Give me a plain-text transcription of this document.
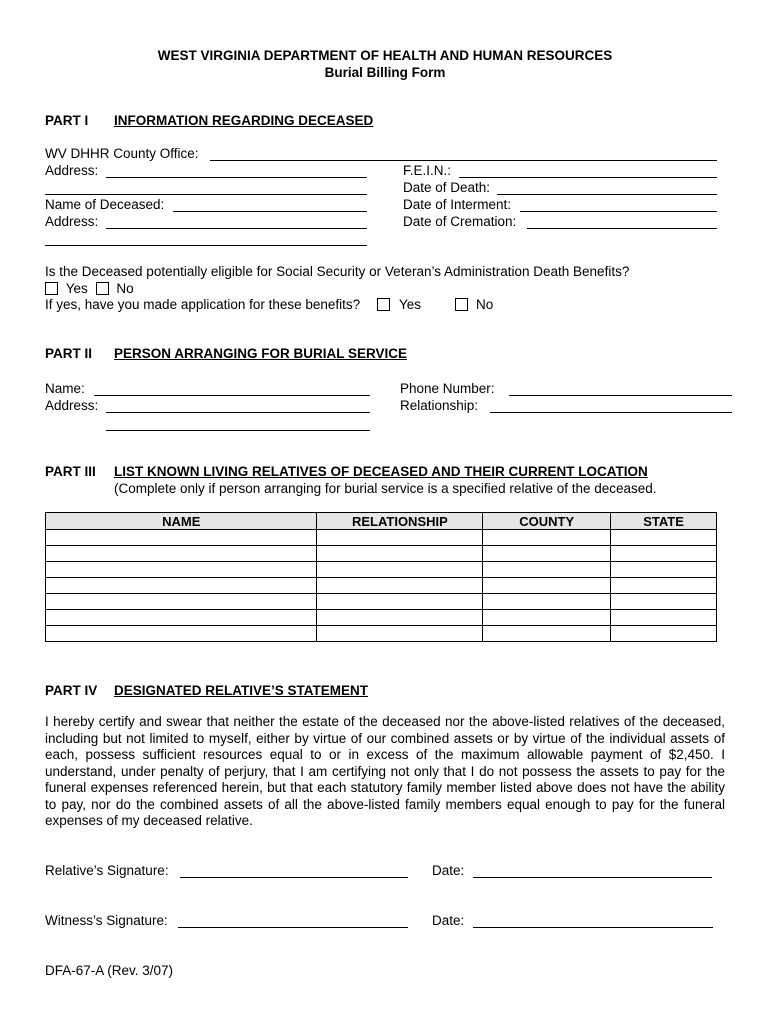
WEST VIRGINIA DEPARTMENT OF HEALTH AND HUMAN RESOURCES
Burial Billing Form
PART I INFORMATION REGARDING DECEASED
WV DHHR County Office:
Address:	F.E.I.N.:
Date of Death:
Name of Deceased:	Date of Interment:
Address:	Date of Cremation:
Is the Deceased potentially eligible for Social Security or Veteran’s Administration Death Benefits?
Yes No
If yes, have you made application for these benefits?	Yes	No
PART II PERSON ARRANGING FOR BURIAL SERVICE
Name:	Phone Number:
Address:	Relationship:
PART III LIST KNOWN LIVING RELATIVES OF DECEASED AND THEIR CURRENT LOCATION
(Complete only if person arranging for burial service is a specified relative of the deceased.
NAME	RELATIONSHIP	COUNTY	STATE

PART IV DESIGNATED RELATIVE’S STATEMENT
I hereby certify and swear that neither the estate of the deceased nor the above-listed relatives of the deceased, including but not limited to myself, either by virtue of our combined assets or by virtue of the individual assets of each, possess sufficient resources equal to or in excess of the maximum allowable payment of $2,450. I understand, under penalty of perjury, that I am certifying not only that I do not possess the assets to pay for the funeral expenses referenced herein, but that each statutory family member listed above does not have the ability to pay, nor do the combined assets of all the above-listed family members equal enough to pay for the funeral expenses of my deceased relative.
Relative’s Signature:	Date:
Witness’s Signature:	Date:
DFA-67-A (Rev. 3/07)
